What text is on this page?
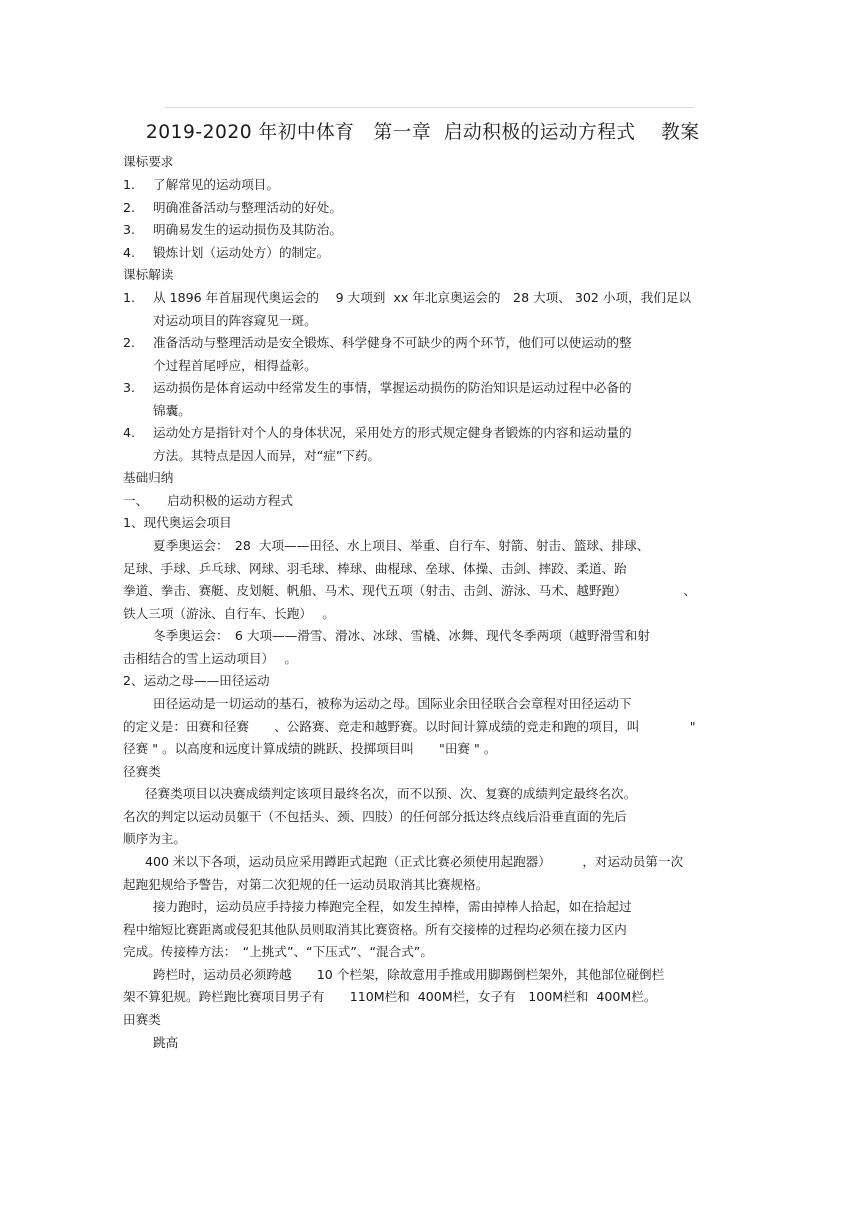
2019-2020 年初中体育　第一章  启动积极的运动方程式　 教案
课标要求
1. 了解常见的运动项目。
2. 明确准备活动与整理活动的好处。
3. 明确易发生的运动损伤及其防治。
4. 锻炼计划（运动处方）的制定。
课标解读
1. 从 1896 年首届现代奥运会的　 9 大项到  xx 年北京奥运会的　28 大项、 302 小项，我们足以
对运动项目的阵容窥见一斑。
2. 准备活动与整理活动是安全锻炼、科学健身不可缺少的两个环节，他们可以使运动的整
个过程首尾呼应，相得益彰。
3. 运动损伤是体育运动中经常发生的事情，掌握运动损伤的防治知识是运动过程中必备的
锦囊。
4. 运动处方是指针对个人的身体状况，采用处方的形式规定健身者锻炼的内容和运动量的
方法。其特点是因人而异，对“症”下药。
基础归纳
一、　　启动积极的运动方程式
1、现代奥运会项目
夏季奥运会：　28  大项——田径、水上项目、举重、自行车、射箭、射击、篮球、排球、
足球、手球、乒乓球、网球、羽毛球、棒球、曲棍球、垒球、体操、击剑、摔跤、柔道、跆
拳道、拳击、赛艇、皮划艇、帆船、马术、现代五项（射击、击剑、游泳、马术、越野跑）　　　　　、
铁人三项（游泳、自行车、长跑）　 。
冬季奥运会：　6 大项——滑雪、滑冰、冰球、雪橇、冰舞、现代冬季两项（越野滑雪和射
击相结合的雪上运动项目）　 。
2、运动之母——田径运动
田径运动是一切运动的基石，被称为运动之母。国际业余田径联合会章程对田径运动下
的定义是：田赛和径赛　　、公路赛、竞走和越野赛。以时间计算成绩的竞走和跑的项目，叫　　　　"
径赛 " 。以高度和远度计算成绩的跳跃、投掷项目叫　　"田赛 " 。
径赛类
径赛类项目以决赛成绩判定该项目最终名次，而不以预、次、复赛的成绩判定最终名次。
名次的判定以运动员躯干（不包括头、颈、四肢）的任何部分抵达终点线后沿垂直面的先后
顺序为主。
400 米以下各项，运动员应采用蹲距式起跑（正式比赛必须使用起跑器）　　　，对运动员第一次
起跑犯规给予警告，对第二次犯规的任一运动员取消其比赛规格。
接力跑时，运动员应手持接力棒跑完全程，如发生掉棒，需由掉棒人拾起，如在拾起过
程中缩短比赛距离或侵犯其他队员则取消其比赛资格。所有交接棒的过程均必须在接力区内
完成。传接棒方法：　“上挑式”、“下压式”、“混合式”。
跨栏时，运动员必须跨越　　10 个栏架，除故意用手推或用脚踢倒栏架外，其他部位碰倒栏
架不算犯规。跨栏跑比赛项目男子有　　110M栏和  400M栏，女子有　100M栏和  400M栏。
田赛类
跳高
